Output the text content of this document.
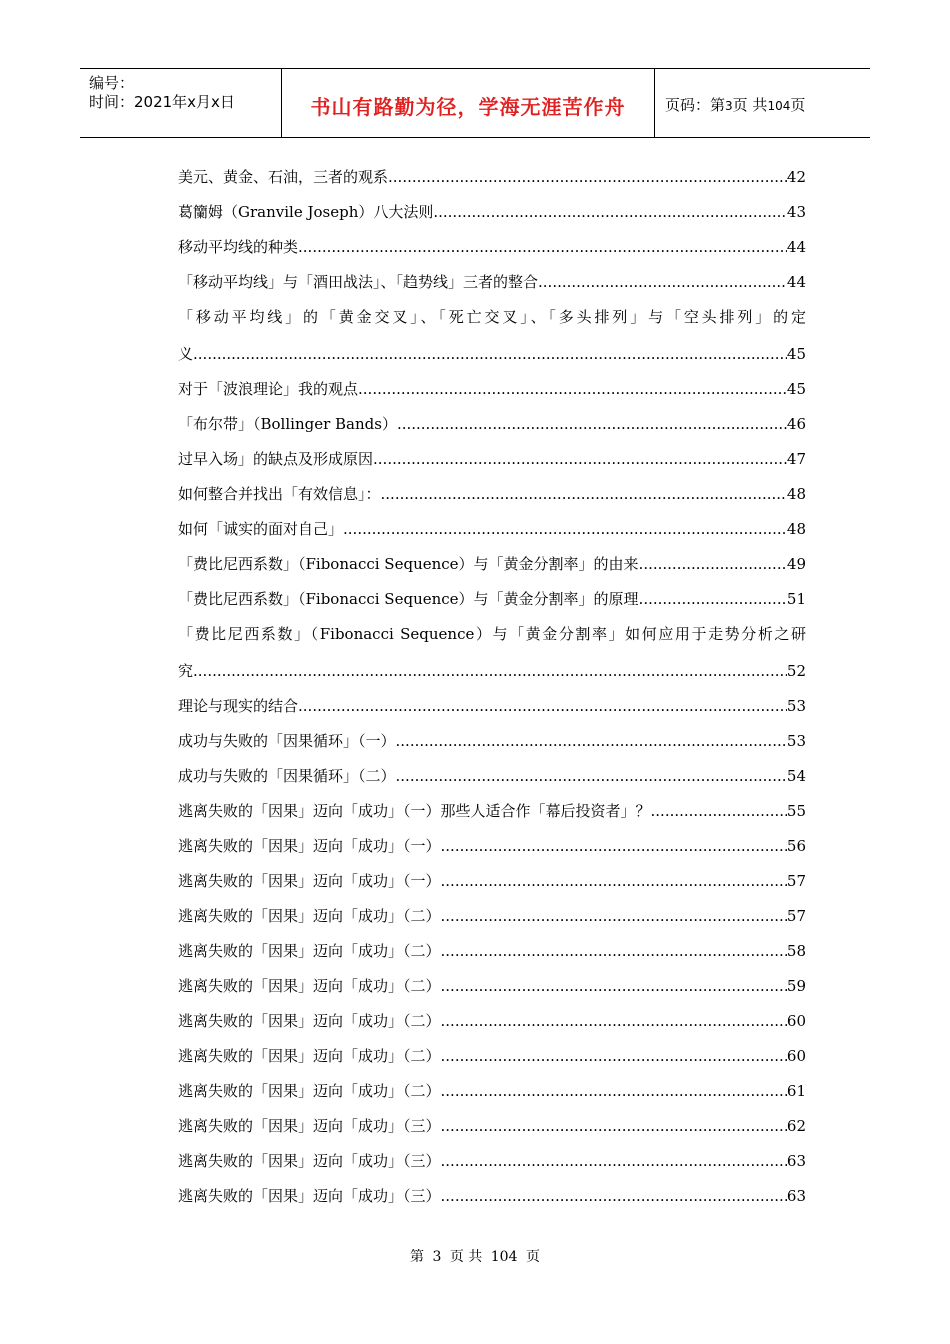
编号：
时间：2021年x月x日	书山有路勤为径，学海无涯苦作舟	页码：第3页 共104页
美元、黄金、石油，三者的观系 .....	42
葛籣姆（Granvile Joseph）八大法则 .....	43
移动平均线的种类 .....	44
「移动平均线」与「酒田战法」、「趋势线」三者的整合 .....	44
「移动平均线」的「黄金交叉」、「死亡交叉」、「多头排列」与「空头排列」的定
义 .....	45
对于「波浪理论」我的观点 .....	45
「布尔带」（Bollinger Bands） .....	46
过早入场」的缺点及形成原因 .....	47
如何整合并找出「有效信息」： .....	48
如何「诚实的面对自己」 .....	48
「费比尼西系数」（Fibonacci Sequence）与「黄金分割率」的由来 .....	49
「费比尼西系数」（Fibonacci Sequence）与「黄金分割率」的原理 .....	51
「费比尼西系数」（Fibonacci Sequence）与「黄金分割率」如何应用于走势分析之研
究 .....	52
理论与现实的结合 .....	53
成功与失败的「因果循环」（一） .....	53
成功与失败的「因果循环」（二） .....	54
逃离失败的「因果」迈向「成功」（一）那些人适合作「幕后投资者」？ .....	55
逃离失败的「因果」迈向「成功」（一） .....	56
逃离失败的「因果」迈向「成功」（一） .....	57
逃离失败的「因果」迈向「成功」（二） .....	57
逃离失败的「因果」迈向「成功」（二） .....	58
逃离失败的「因果」迈向「成功」（二） .....	59
逃离失败的「因果」迈向「成功」（二） .....	60
逃离失败的「因果」迈向「成功」（二） .....	60
逃离失败的「因果」迈向「成功」（二） .....	61
逃离失败的「因果」迈向「成功」（三） .....	62
逃离失败的「因果」迈向「成功」（三） .....	63
逃离失败的「因果」迈向「成功」（三） .....	63
第 3 页 共 104 页
